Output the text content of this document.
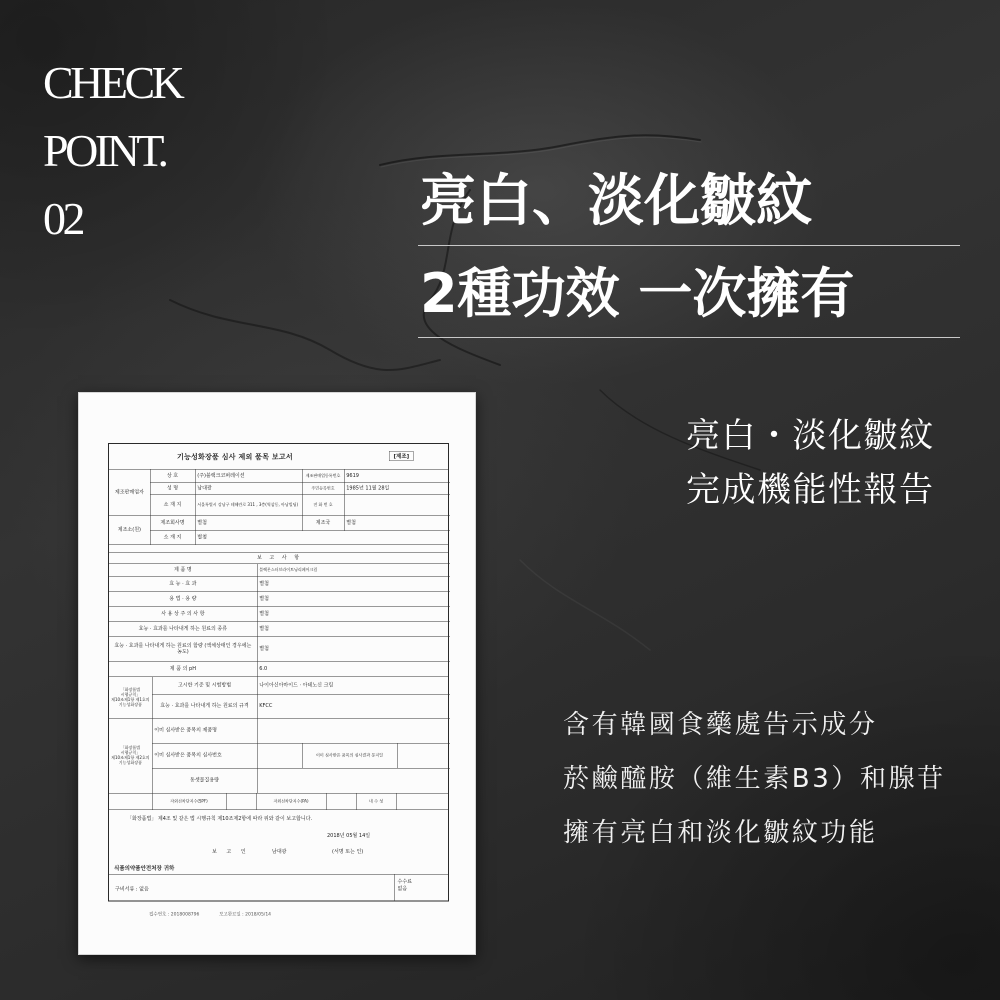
CHECK
POINT.
02	亮白、淡化皺紋
2種功效 一次擁有
亮白・淡化皺紋
完成機能性報告
含有韓國食藥處告示成分
菸鹼醯胺（維生素B3）和腺苷
擁有亮白和淡化皺紋功能
기능성화장품 심사 제외 품목 보고서	[제조]
제조판매업자	상 호	(주)블랙크코퍼레이션	제조판매업등록번호	9619
	성 명	남대광	주민등록번호	1985년 11월 28일
	소 재 지	서울특별시 강남구 테헤란로 311 , 3층(역삼동, 아남빌딩)	전 화 번 호	
제조소(원)	제조회사명	별첨	제조국	별첨
	소 재 지	별첨		
보 고 사 항	
제 품 명	블랙몬스터브라이트닝리페어크림
효 능 · 효 과	별첨
용 법 · 용 량	별첨
사 용 상 주 의 사 항	별첨
효능 · 효과를 나타내게 하는 원료의 종류	별첨
효능 · 효과를 나타내게 하는 원료의 함량 (액체상태인 경우에는 농도)	별첨
제 품 의 pH	6.0
「화장품법 시행규칙」 제10조제1항 제1호의 기능성화장품	고시한 기준 및 시험방법	나이아신아마이드 · 아데노신 크림		
	효능 · 효과를 나타내게 하는 원료의 규격	KFCC		
「화장품법 시행규칙」 제10조제1항 제2호의 기능성화장품	이미 심사받은 품목의 제품명			
	이미 심사받은 품목의 심사번호		이미 심사받은 품목의 심사결과 통지일	
	동셋물질용량			
	자외선차단지수(SPF)		자외선차단지수(PA)		내 수 성	
「화장품법」 제4조 및 같은 법 시행규칙 제10조제2항에 따라 위와 같이 보고합니다.
2018년 05월 14일
보 고 인 남대광	(서명 또는 인)
식품의약품안전처장 귀하
구비서류 : 없음
수수료
없음
접수번호 : 2018008796 보고완료일 : 2018/05/14
